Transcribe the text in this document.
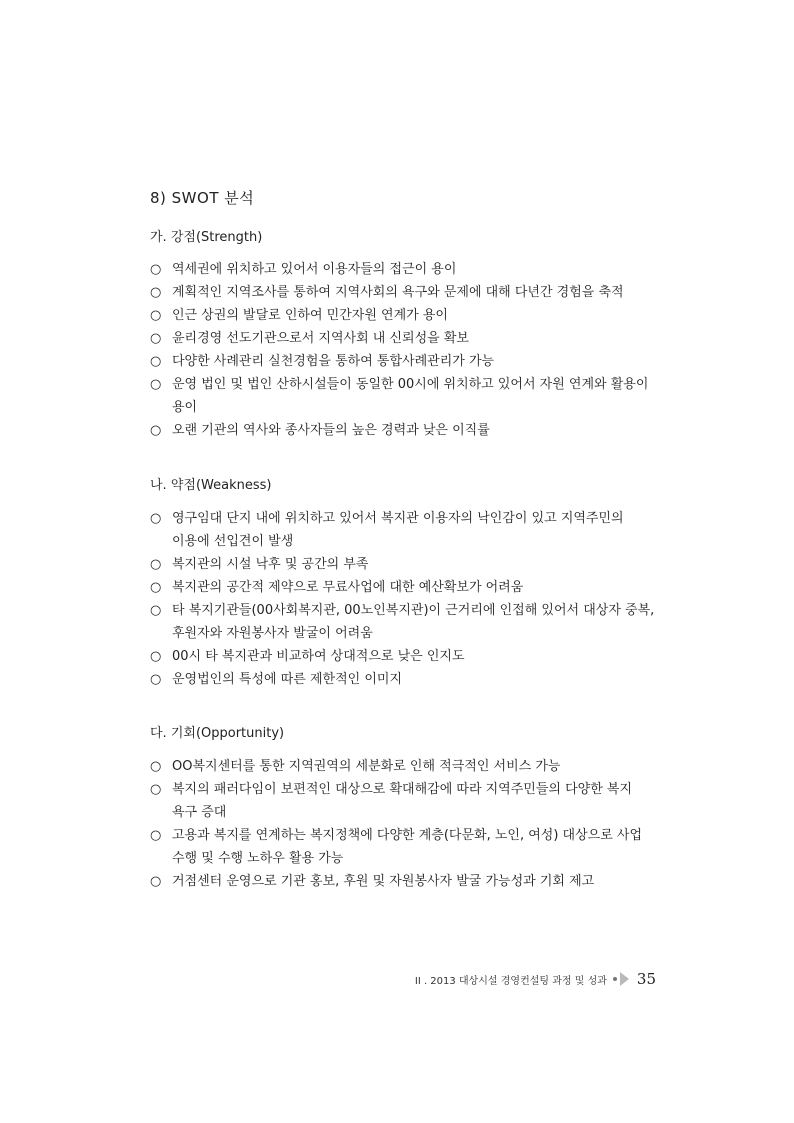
8) SWOT 분석
가. 강점(Strength)
○ 역세권에 위치하고 있어서 이용자들의 접근이 용이
○ 계획적인 지역조사를 통하여 지역사회의 욕구와 문제에 대해 다년간 경험을 축적
○ 인근 상권의 발달로 인하여 민간자원 연계가 용이
○ 윤리경영 선도기관으로서 지역사회 내 신뢰성을 확보
○ 다양한 사례관리 실천경험을 통하여 통합사례관리가 가능
○ 운영 법인 및 법인 산하시설들이 동일한 00시에 위치하고 있어서 자원 연계와 활용이
용이
○ 오랜 기관의 역사와 종사자들의 높은 경력과 낮은 이직률
나. 약점(Weakness)
○ 영구임대 단지 내에 위치하고 있어서 복지관 이용자의 낙인감이 있고 지역주민의
이용에 선입견이 발생
○ 복지관의 시설 낙후 및 공간의 부족
○ 복지관의 공간적 제약으로 무료사업에 대한 예산확보가 어려움
○ 타 복지기관들(00사회복지관, 00노인복지관)이 근거리에 인접해 있어서 대상자 중복,
후원자와 자원봉사자 발굴이 어려움
○ 00시 타 복지관과 비교하여 상대적으로 낮은 인지도
○ 운영법인의 특성에 따른 제한적인 이미지
다. 기회(Opportunity)
○ OO복지센터를 통한 지역권역의 세분화로 인해 적극적인 서비스 가능
○ 복지의 패러다임이 보편적인 대상으로 확대해감에 따라 지역주민들의 다양한 복지
욕구 증대
○ 고용과 복지를 연계하는 복지정책에 다양한 계층(다문화, 노인, 여성) 대상으로 사업
수행 및 수행 노하우 활용 가능
○ 거점센터 운영으로 기관 홍보, 후원 및 자원봉사자 발굴 가능성과 기회 제고
II . 2013 대상시설 경영컨설팅 과정 및 성과 35
